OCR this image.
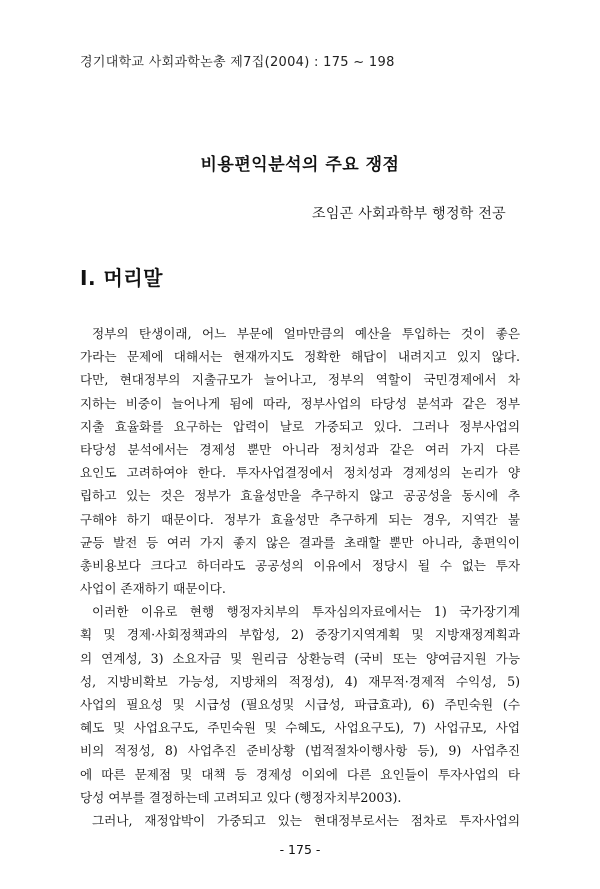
경기대학교 사회과학논총 제7집(2004) : 175 ~ 198
비용편익분석의 주요 쟁점
조임곤 사회과학부 행정학 전공
Ⅰ. 머리말
정부의 탄생이래, 어느 부문에 얼마만큼의 예산을 투입하는 것이 좋은
가라는 문제에 대해서는 현재까지도 정확한 해답이 내려지고 있지 않다.
다만, 현대정부의 지출규모가 늘어나고, 정부의 역할이 국민경제에서 차
지하는 비중이 늘어나게 됨에 따라, 정부사업의 타당성 분석과 같은 정부
지출 효율화를 요구하는 압력이 날로 가중되고 있다. 그러나 정부사업의
타당성 분석에서는 경제성 뿐만 아니라 정치성과 같은 여러 가지 다른
요인도 고려하여야 한다. 투자사업결정에서 정치성과 경제성의 논리가 양
립하고 있는 것은 정부가 효율성만을 추구하지 않고 공공성을 동시에 추
구해야 하기 때문이다. 정부가 효율성만 추구하게 되는 경우, 지역간 불
균등 발전 등 여러 가지 좋지 않은 결과를 초래할 뿐만 아니라, 총편익이
총비용보다 크다고 하더라도 공공성의 이유에서 정당시 될 수 없는 투자
사업이 존재하기 때문이다.
이러한 이유로 현행 행정자치부의 투자심의자료에서는 1) 국가장기계
획 및 경제·사회정책과의 부합성, 2) 중장기지역계획 및 지방재정계획과
의 연계성, 3) 소요자금 및 원리금 상환능력 (국비 또는 양여금지원 가능
성, 지방비확보 가능성, 지방채의 적정성), 4) 재무적·경제적 수익성, 5)
사업의 필요성 및 시급성 (필요성및 시급성, 파급효과), 6) 주민숙원 (수
혜도 및 사업요구도, 주민숙원 및 수혜도, 사업요구도), 7) 사업규모, 사업
비의 적정성, 8) 사업추진 준비상황 (법적절차이행사항 등), 9) 사업추진
에 따른 문제점 및 대책 등 경제성 이외에 다른 요인들이 투자사업의 타
당성 여부를 결정하는데 고려되고 있다 (행정자치부2003).
그러나, 재정압박이 가중되고 있는 현대정부로서는 점차로 투자사업의
- 175 -
